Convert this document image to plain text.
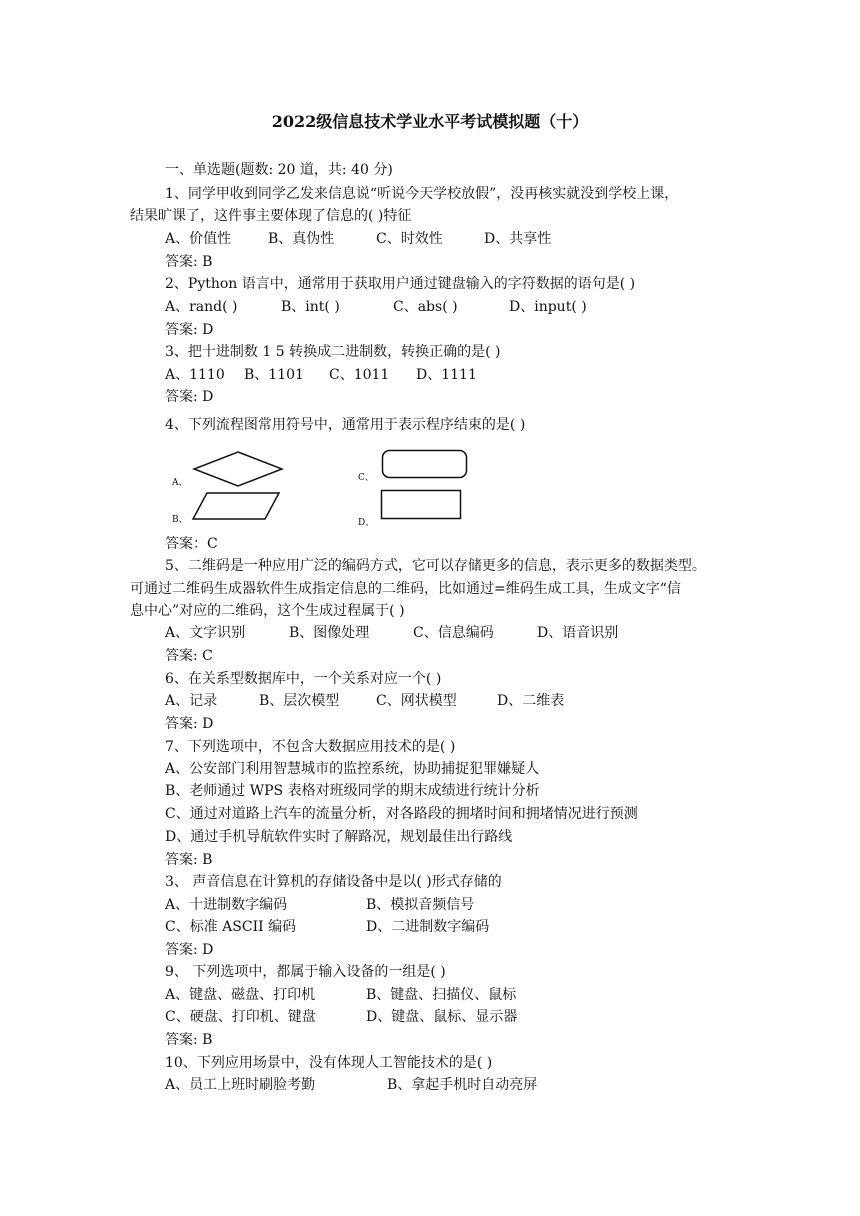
2022级信息技术学业水平考试模拟题（十）
一、单选题(题数: 20 道，共: 40 分)
1、同学甲收到同学乙发来信息说“听说今天学校放假”，没再核实就没到学校上课，
结果旷课了，这件事主要体现了信息的( )特征
A、价值性	B、真伪性	C、时效性	D、共享性
答案: B
2、Python 语言中，通常用于获取用户通过键盘输入的字符数据的语句是( )
A、rand( )	B、int( )	C、abs( )	D、input( )
答案: D
3、把十进制数 1 5 转换成二进制数，转换正确的是( )
A、1110 B、1101 C、1011 D、1111
答案: D
4、下列流程图常用符号中，通常用于表示程序结束的是( )
A、
B、
C、
D、
答案：C
5、二维码是一种应用广泛的编码方式，它可以存储更多的信息，表示更多的数据类型。
可通过二维码生成器软件生成指定信息的二维码，比如通过=维码生成工具，生成文字“信
息中心”对应的二维码，这个生成过程属于( )
A、文字识别	B、图像处理	C、信息编码	D、语音识别
答案: C
6、在关系型数据库中，一个关系对应一个( )
A、记录	B、层次模型	C、网状模型	D、二维表
答案: D
7、下列选项中，不包含大数据应用技术的是( )
A、公安部门利用智慧城市的监控系统，协助捕捉犯罪嫌疑人
B、老师通过 WPS 表格对班级同学的期末成绩进行统计分析
C、通过对道路上汽车的流量分析，对各路段的拥堵时间和拥堵情况进行预测
D、通过手机导航软件实时了解路况，规划最佳出行路线
答案: B
3、 声音信息在计算机的存储设备中是以( )形式存储的
A、十进制数字编码	B、模拟音频信号
C、标准 ASCII 编码	D、二进制数字编码
答案: D
9、 下列选项中，都属于输入设备的一组是( )
A、键盘、磁盘、打印机	B、键盘、扫描仪、鼠标
C、硬盘、打印机、键盘	D、键盘、鼠标、显示器
答案: B
10、下列应用场景中，没有体现人工智能技术的是( )
A、员工上班时刷脸考勤	B、拿起手机时自动亮屏
